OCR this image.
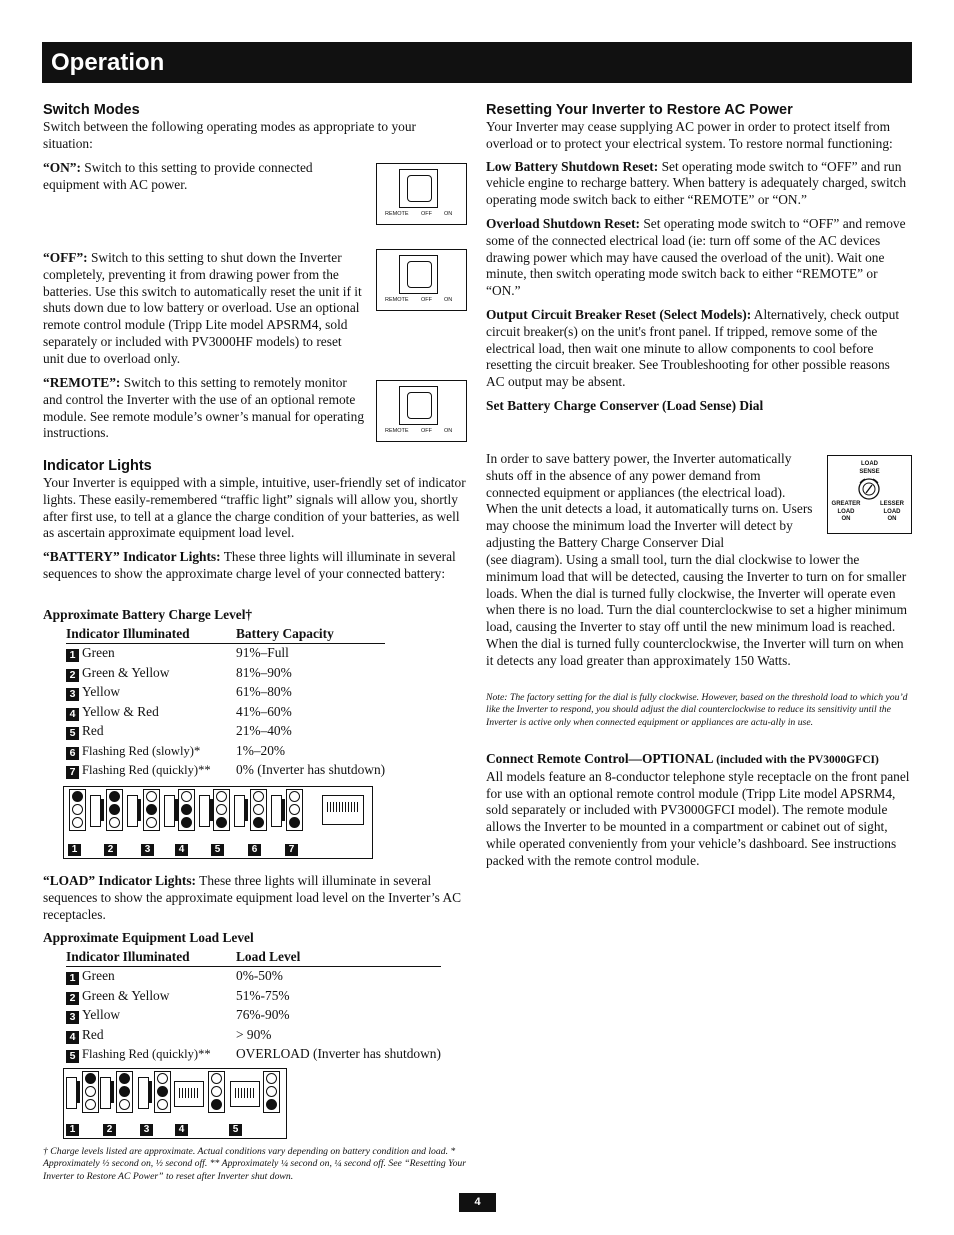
Operation

Switch Modes

Switch between the following operating modes as appropriate to your situation:

“ON”: Switch to this setting to provide connected equipment with AC power.

“OFF”: Switch to this setting to shut down the Inverter completely, preventing it from drawing power from the batteries. Use this switch to automatically reset the unit if it shuts down due to low battery or overload. Use an optional remote control module (Tripp Lite model APSRM4, sold separately or included with PV3000HF models) to reset unit due to overload only.

“REMOTE”: Switch to this setting to remotely monitor and control the Inverter with the use of an optional remote module. See remote module’s owner’s manual for operating instructions.

REMOTE OFF ON
REMOTE OFF ON
REMOTE OFF ON

Indicator Lights

Your Inverter is equipped with a simple, intuitive, user-friendly set of indicator lights. These easily-remembered “traffic light” signals will allow you, shortly after first use, to tell at a glance the charge condition of your batteries, as well as ascertain approximate equipment load level.

“BATTERY” Indicator Lights: These three lights will illuminate in several sequences to show the approximate charge level of your connected battery:

Approximate Battery Charge Level†

Indicator Illuminated	Battery Capacity
1 Green	91%–Full
2 Green & Yellow	81%–90%
3 Yellow	61%–80%
4 Yellow & Red	41%–60%
5 Red	21%–40%
6 Flashing Red (slowly)*	1%–20%
7 Flashing Red (quickly)**	0% (Inverter has shutdown)
1	2	3	4	5	6	7

“LOAD” Indicator Lights: These three lights will illuminate in several sequences to show the approximate equipment load level on the Inverter’s AC receptacles.

Approximate Equipment Load Level

Indicator Illuminated	Load Level
1 Green	0%-50%
2 Green & Yellow	51%-75%
3 Yellow	76%-90%
4 Red	> 90%
5 Flashing Red (quickly)**	OVERLOAD (Inverter has shutdown)
1	2	3	4	5

† Charge levels listed are approximate. Actual conditions vary depending on battery condition and load. * Approximately ½ second on, ½ second off. ** Approximately ¼ second on, ¼ second off. See “Resetting Your Inverter to Restore AC Power” to reset after Inverter shut down.

Resetting Your Inverter to Restore AC Power

Your Inverter may cease supplying AC power in order to protect itself from overload or to protect your electrical system. To restore normal functioning:

Low Battery Shutdown Reset: Set operating mode switch to “OFF” and run vehicle engine to recharge battery. When battery is adequately charged, switch operating mode switch back to either “REMOTE” or “ON.”

Overload Shutdown Reset: Set operating mode switch to “OFF” and remove some of the connected electrical load (ie: turn off some of the AC devices drawing power which may have caused the overload of the unit). Wait one minute, then switch operating mode switch back to either “REMOTE” or “ON.”

Output Circuit Breaker Reset (Select Models): Alternatively, check output circuit breaker(s) on the unit's front panel. If tripped, remove some of the electrical load, then wait one minute to allow components to cool before resetting the circuit breaker. See Troubleshooting for other possible reasons AC output may be absent.

Set Battery Charge Conserver (Load Sense) Dial

In order to save battery power, the Inverter automatically shuts off in the absence of any power demand from connected equipment or appliances (the electrical load). When the unit detects a load, it automatically turns on. Users may choose the minimum load the Inverter will detect by adjusting the Battery Charge Conserver Dial

(see diagram). Using a small tool, turn the dial clockwise to lower the minimum load that will be detected, causing the Inverter to turn on for smaller loads. When the dial is turned fully clockwise, the Inverter will operate even when there is no load. Turn the dial counterclockwise to set a higher minimum load, causing the Inverter to stay off until the new minimum load is reached. When the dial is turned fully counterclockwise, the Inverter will turn on when it detects any load greater than approximately 150 Watts.

LOAD
SENSE
GREATER
LOAD
ON
LESSER
LOAD
ON

Note: The factory setting for the dial is fully clockwise. However, based on the threshold load to which you’d like the Inverter to respond, you should adjust the dial counterclockwise to reduce its sensitivity until the Inverter is active only when connected equipment or appliances are actu-ally in use.

Connect Remote Control—OPTIONAL (included with the PV3000GFCI)
All models feature an 8-conductor telephone style receptacle on the front panel for use with an optional remote control module (Tripp Lite model APSRM4, sold separately or included with PV3000GFCI model). The remote module allows the Inverter to be mounted in a compartment or cabinet out of sight, while operated conveniently from your vehicle’s dashboard. See instructions packed with the remote control module.

4
